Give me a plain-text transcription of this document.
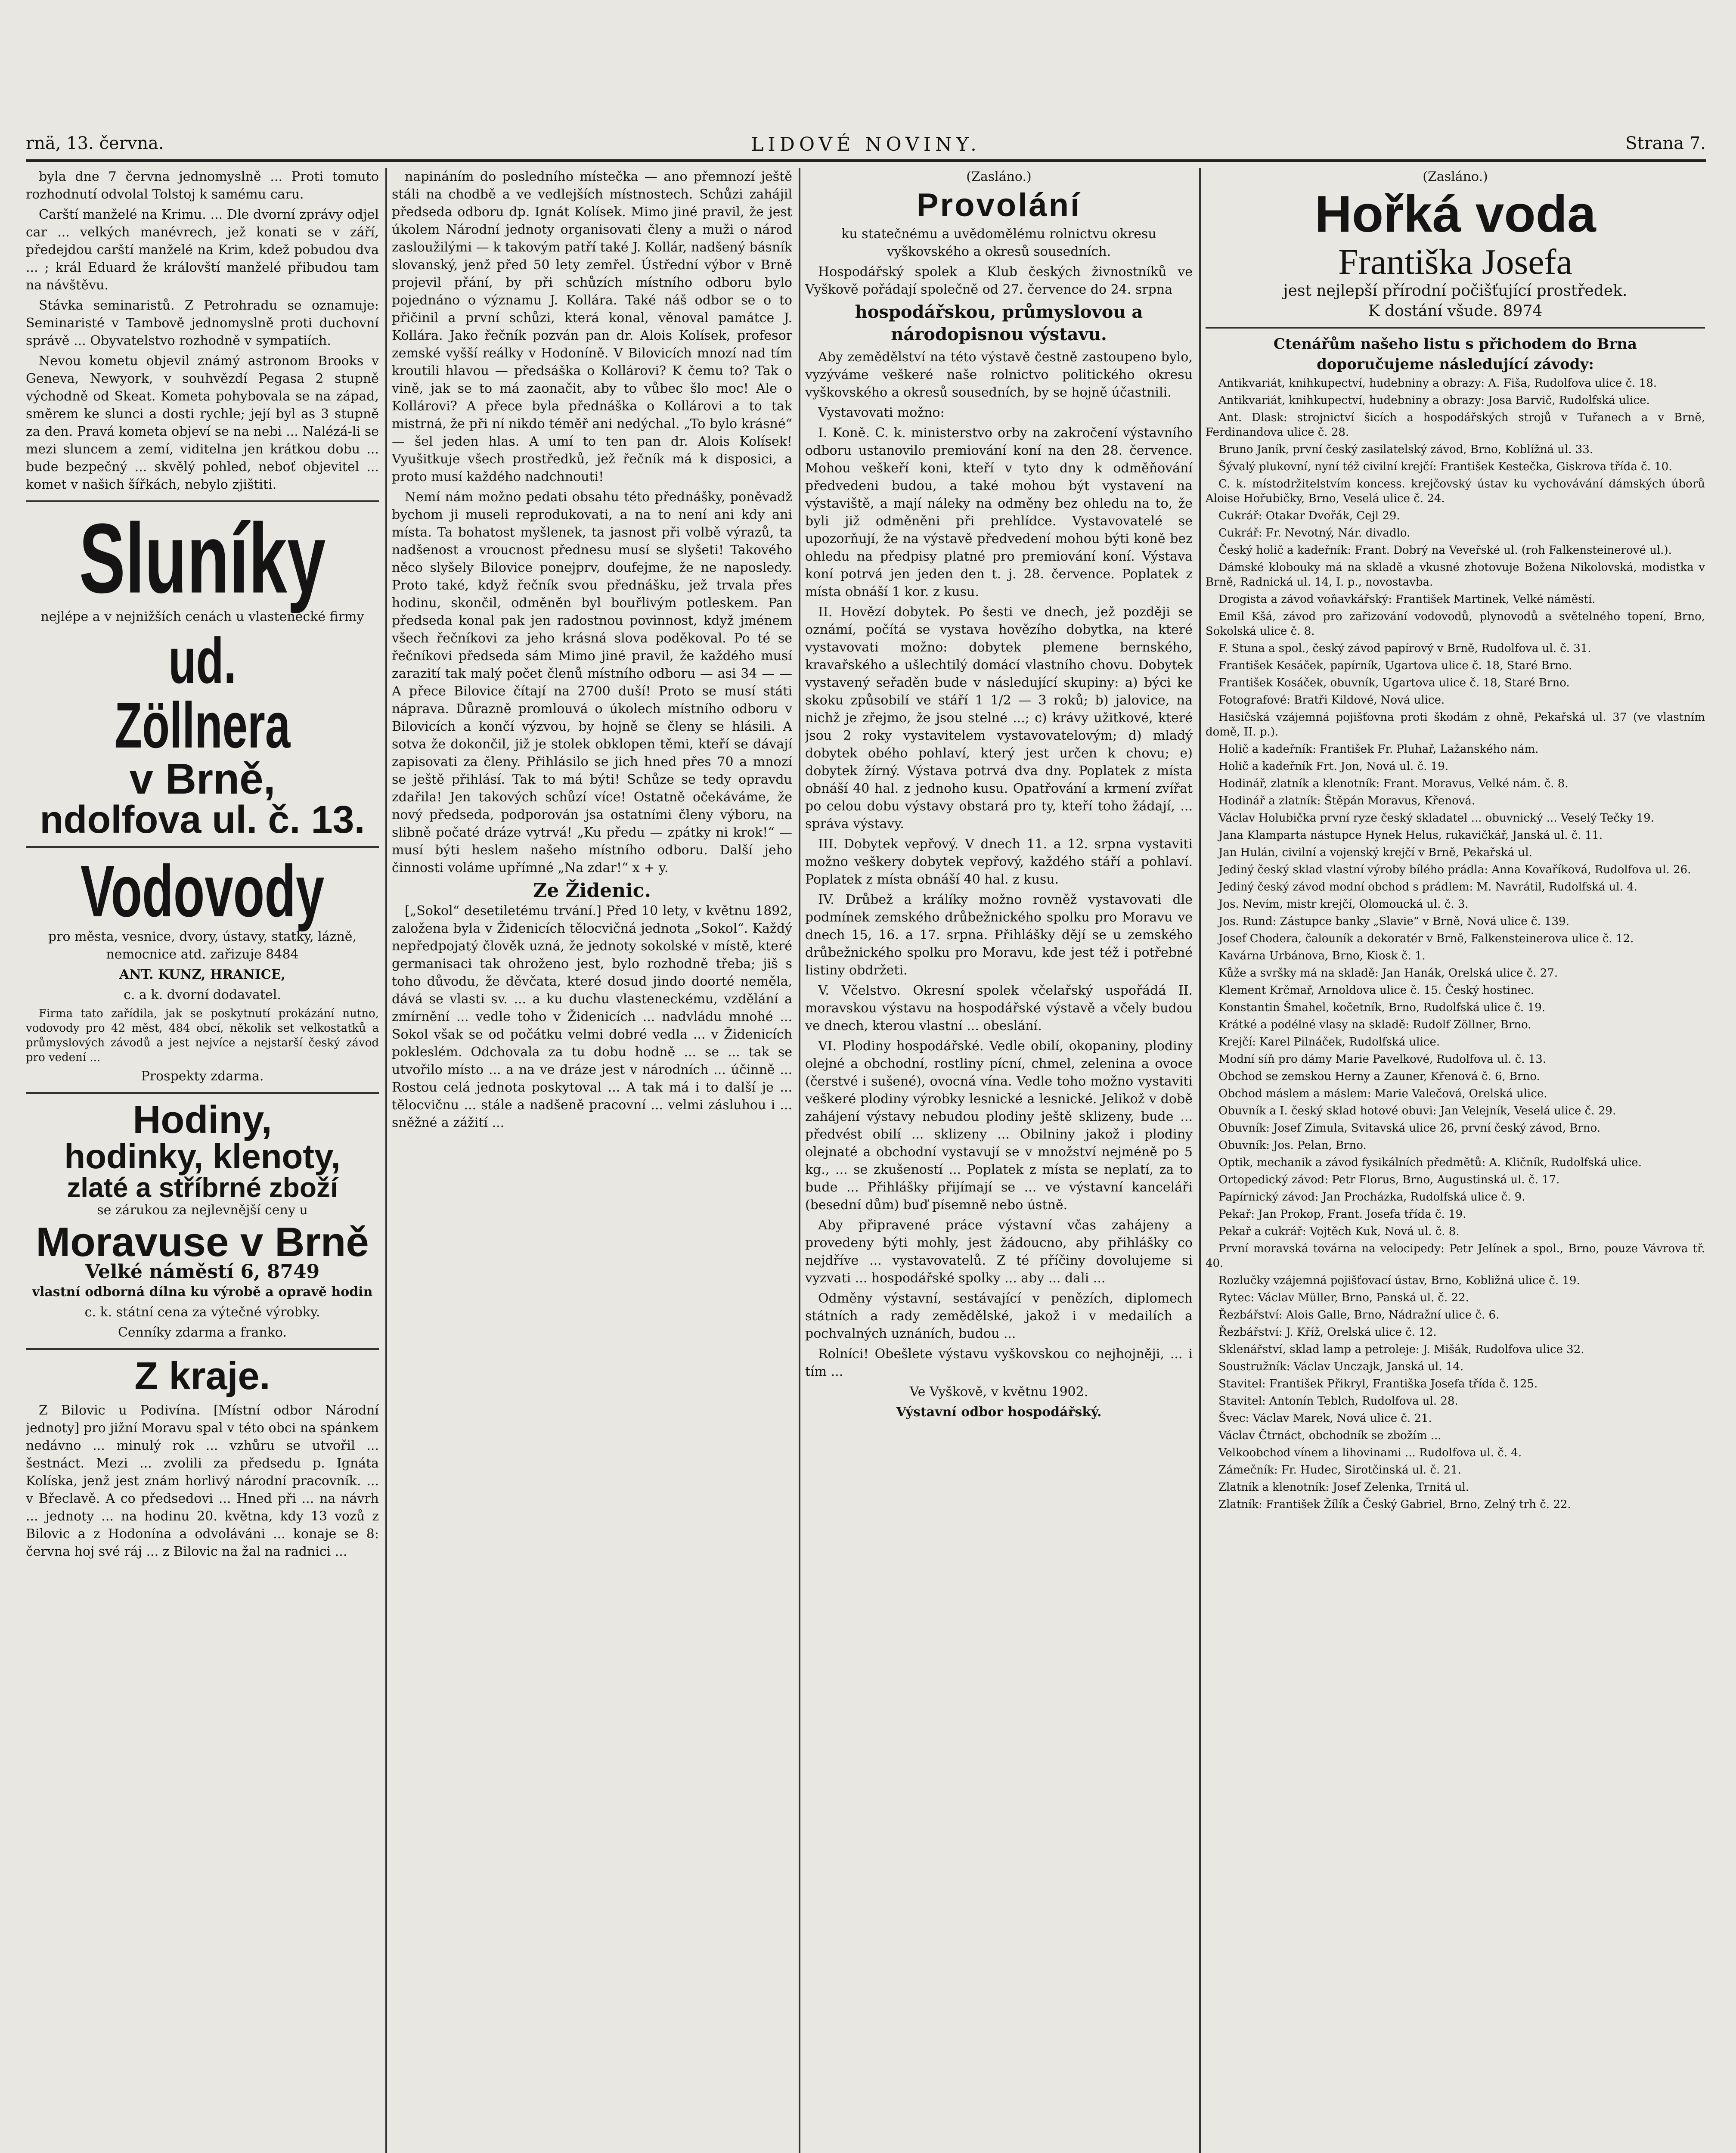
rnä, 13. června.	LIDOVÉ NOVINY.	Strana 7.

byla dne 7 června jednomyslně ... Proti tomuto rozhodnutí odvolal Tolstoj k samému caru.

Carští manželé na Krimu. ... Dle dvorní zprávy odjel car ... velkých manévrech, jež konati se v září, předejdou carští manželé na Krim, kdež pobudou dva ... ; král Eduard že královští manželé přibudou tam na návštěvu.

Stávka seminaristů. Z Petrohradu se oznamuje: Seminaristé v Tambově jednomyslně proti duchovní správě ... Obyvatelstvo rozhodně v sympatiích.

Nevou kometu objevil známý astronom Brooks v Geneva, Newyork, v souhvězdí Pegasa 2 stupně východně od Skeat. Kometa pohybovala se na západ, směrem ke slunci a dosti rychle; její byl as 3 stupně za den. Pravá kometa objeví se na nebi ... Nalézá-li se mezi sluncem a zemí, viditelna jen krátkou dobu ... bude bezpečný ... skvělý pohled, neboť objevitel ... komet v našich šířkách, nebylo zjištiti.

Sluníky

nejlépe a v nejnižších cenách u vlastenecké firmy

ud. Zöllnera
v Brně,
ndolfova ul. č. 13.
Vodovody

pro města, vesnice, dvory, ústavy, statky, lázně, nemocnice atd. zařizuje 8484

ANT. KUNZ, HRANICE,

c. a k. dvorní dodavatel.

Firma tato zařídila, jak se poskytnutí prokázání nutno, vodovody pro 42 měst, 484 obcí, několik set velkostatků a průmyslových závodů a jest nejvíce a nejstarší český závod pro vedení ...

Prospekty zdarma.

Hodiny,
hodinky, klenoty,
zlaté a stříbrné zboží

se zárukou za nejlevnější ceny u

Moravuse v Brně

Velké náměstí 6, 8749

vlastní odborná dílna ku výrobě a opravě hodin

c. k. státní cena za výtečné výrobky.

Cenníky zdarma a franko.

Z kraje.

Z Bilovic u Podivína. [Místní odbor Národní jednoty] pro jižní Moravu spal v této obci na spánkem nedávno ... minulý rok ... vzhůru se utvořil ... šestnáct. Mezi ... zvolili za předsedu p. Ignáta Kolíska, jenž jest znám horlivý národní pracovník. ... v Břeclavě. A co předsedovi ... Hned při ... na návrh ... jednoty ... na hodinu 20. května, kdy 13 vozů z Bilovic a z Hodonína a odvoláváni ... konaje se 8: června hoj své ráj ... z Bilovic na žal na radnici ...

napináním do posledního místečka — ano přemnozí ještě stáli na chodbě a ve vedlejších místnostech. Schůzi zahájil předseda odboru dp. Ignát Kolísek. Mimo jiné pravil, že jest úkolem Národní jednoty organisovati členy a muži o národ zasloužilými — k takovým patří také J. Kollár, nadšený básník slovanský, jenž před 50 lety zemřel. Ústřední výbor v Brně projevil přání, by při schůzích místního odboru bylo pojednáno o významu J. Kollára. Také náš odbor se o to přičinil a první schůzi, která konal, věnoval památce J. Kollára. Jako řečník pozván pan dr. Alois Kolísek, profesor zemské vyšší reálky v Hodoníně. V Bilovicích mnozí nad tím kroutili hlavou — předsáška o Kollárovi? K čemu to? Tak o vině, jak se to má zaonačit, aby to vůbec šlo moc! Ale o Kollárovi? A přece byla přednáška o Kollárovi a to tak mistrná, že při ní nikdo téměř ani nedýchal. „To bylo krásné“ — šel jeden hlas. A umí to ten pan dr. Alois Kolísek! Vyušitkuje všech prostředků, jež řečník má k disposici, a proto musí každého nadchnouti!

Nemí nám možno pedati obsahu této přednášky, poněvadž bychom ji museli reprodukovati, a na to není ani kdy ani místa. Ta bohatost myšlenek, ta jasnost při volbě výrazů, ta nadšenost a vroucnost přednesu musí se slyšeti! Takového něco slyšely Bilovice ponejprv, doufejme, že ne naposledy. Proto také, když řečník svou přednášku, jež trvala přes hodinu, skončil, odměněn byl bouřlivým potleskem. Pan předseda konal pak jen radostnou povinnost, když jménem všech řečníkovi za jeho krásná slova poděkoval. Po té se řečníkovi předseda sám Mimo jiné pravil, že každého musí zarazití tak malý počet členů místního odboru — asi 34 — — A přece Bilovice čítají na 2700 duší! Proto se musí státi náprava. Důrazně promlouvá o úkolech místního odboru v Bilovicích a končí výzvou, by hojně se členy se hlásili. A sotva že dokončil, již je stolek obklopen těmi, kteří se dávají zapisovati za členy. Přihlásilo se jich hned přes 70 a mnozí se ještě přihlásí. Tak to má býti! Schůze se tedy opravdu zdařila! Jen takových schůzí více! Ostatně očekáváme, že nový předseda, podporován jsa ostatními členy výboru, na slibně počaté dráze vytrvá! „Ku předu — zpátky ni krok!“ — musí býti heslem našeho místního odboru. Další jeho činnosti voláme upřímné „Na zdar!“ x + y.

Ze Židenic.

[„Sokol“ desetiletému trvání.] Před 10 lety, v květnu 1892, založena byla v Židenicích tělocvičná jednota „Sokol“. Každý nepředpojatý člověk uzná, že jednoty sokolské v místě, které germanisaci tak ohroženo jest, bylo rozhodně třeba; jiš s toho důvodu, že děvčata, které dosud jindo doorté neměla, dává se vlasti sv. ... a ku duchu vlasteneckému, vzdělání a zmírnění ... vedle toho v Židenicích ... nadvládu mnohé ... Sokol však se od počátku velmi dobré vedla ... v Židenicích pokleslém. Odchovala za tu dobu hodně ... se ... tak se utvořilo místo ... a na ve dráze jest v národních ... účinně ... Rostou celá jednota poskytoval ... A tak má i to další je ... tělocvičnu ... stále a nadšeně pracovní ... velmi zásluhou i ... sněžné a zážití ...

(Zasláno.)

Provolání

ku statečnému a uvědomělému rolnictvu okresu vyškovského a okresů sousedních.

Hospodářský spolek a Klub českých živnostníků ve Vyškově pořádají společně od 27. července do 24. srpna

hospodářskou, průmyslovou a národopisnou výstavu.

Aby zemědělství na této výstavě čestně zastoupeno bylo, vyzýváme veškeré naše rolnictvo politického okresu vyškovského a okresů sousedních, by se hojně účastnili.

Vystavovati možno:

I. Koně. C. k. ministerstvo orby na zakročení výstavního odboru ustanovilo premiování koní na den 28. července. Mohou veškeří koni, kteří v tyto dny k odměňování předvedeni budou, a také mohou být vystavení na výstaviště, a mají náleky na odměny bez ohledu na to, že byli již odměněni při prehlídce. Vystavovatelé se upozorňují, že na výstavě předvedení mohou býti koně bez ohledu na předpisy platné pro premiování koní. Výstava koní potrvá jen jeden den t. j. 28. července. Poplatek z místa obnáší 1 kor. z kusu.

II. Hovězí dobytek. Po šesti ve dnech, jež později se oznámí, počítá se vystava hovězího dobytka, na které vystavovati možno: dobytek plemene bernského, kravařského a ušlechtilý domácí vlastního chovu. Dobytek vystavený seřaděn bude v následující skupiny: a) býci ke skoku způsobilí ve stáří 1 1/2 — 3 roků; b) jalovice, na nichž je zřejmo, že jsou stelné ...; c) krávy užitkové, které jsou 2 roky vystavitelem vystavovatelovým; d) mladý dobytek obého pohlaví, který jest určen k chovu; e) dobytek žírný. Výstava potrvá dva dny. Poplatek z místa obnáší 40 hal. z jednoho kusu. Opatřování a krmení zvířat po celou dobu výstavy obstará pro ty, kteří toho žádají, ... správa výstavy.

III. Dobytek vepřový. V dnech 11. a 12. srpna vystaviti možno veškery dobytek vepřový, každého stáří a pohlaví. Poplatek z místa obnáší 40 hal. z kusu.

IV. Drůbež a králíky možno rovněž vystavovati dle podmínek zemského drůbežnického spolku pro Moravu ve dnech 15, 16. a 17. srpna. Přihlášky dějí se u zemského drůbežnického spolku pro Moravu, kde jest též i potřebné listiny obdržeti.

V. Včelstvo. Okresní spolek včelařský uspořádá II. moravskou výstavu na hospodářské výstavě a včely budou ve dnech, kterou vlastní ... obeslání.

VI. Plodiny hospodářské. Vedle obilí, okopaniny, plodiny olejné a obchodní, rostliny pícní, chmel, zelenina a ovoce (čerstvé i sušené), ovocná vína. Vedle toho možno vystaviti veškeré plodiny výrobky lesnické a lesnické. Jelikož v době zahájení výstavy nebudou plodiny ještě sklizeny, bude ... předvést obilí ... sklizeny ... Obilniny jakož i plodiny olejnaté a obchodní vystavují se v množství nejméně po 5 kg., ... se zkušeností ... Poplatek z místa se neplatí, za to bude ... Přihlášky přijímají se ... ve výstavní kanceláři (besední dům) buď písemně nebo ústně.

Aby připravené práce výstavní včas zahájeny a provedeny býti mohly, jest žádoucno, aby přihlášky co nejdříve ... vystavovatelů. Z té příčiny dovolujeme si vyzvati ... hospodářské spolky ... aby ... dali ...

Odměny výstavní, sestávající v penězích, diplomech státních a rady zemědělské, jakož i v medailích a pochvalných uznáních, budou ...

Rolníci! Obešlete výstavu vyškovskou co nejhojněji, ... i tím ...

Ve Vyškově, v květnu 1902.

Výstavní odbor hospodářský.

(Zasláno.)

Hořká voda
Františka Josefa

jest nejlepší přírodní počišťující prostředek.

K dostání všude. 8974

Ctenářům našeho listu s přichodem do Brna

doporučujeme následující závody:

Antikvariát, knihkupectví, hudebniny a obrazy: A. Fiša, Rudolfova ulice č. 18.

Antikvariát, knihkupectví, hudebniny a obrazy: Josa Barvič, Rudolfská ulice.

Ant. Dlask: strojnictví šicích a hospodářských strojů v Tuřanech a v Brně, Ferdinandova ulice č. 28.

Bruno Janík, první český zasilatelský závod, Brno, Koblížná ul. 33.

Šývalý plukovní, nyní též civilní krejčí: František Kestečka, Giskrova třída č. 10.

C. k. místodržitelstvím koncess. krejčovský ústav ku vychovávání dámských úborů Aloise Hořubičky, Brno, Veselá ulice č. 24.

Cukrář: Otakar Dvořák, Cejl 29.

Cukrář: Fr. Nevotný, Nár. divadlo.

Český holič a kadeřník: Frant. Dobrý na Veveřské ul. (roh Falkensteinerové ul.).

Dámské klobouky má na skladě a vkusné zhotovuje Božena Nikolovská, modistka v Brně, Radnická ul. 14, I. p., novostavba.

Drogista a závod voňavkářský: František Martinek, Velké náměstí.

Emil Kšá, závod pro zařizování vodovodů, plynovodů a světelného topení, Brno, Sokolská ulice č. 8.

F. Stuna a spol., český závod papírový v Brně, Rudolfova ul. č. 31.

František Kesáček, papírník, Ugartova ulice č. 18, Staré Brno.

František Kosáček, obuvník, Ugartova ulice č. 18, Staré Brno.

Fotografové: Bratři Kildové, Nová ulice.

Hasičská vzájemná pojišťovna proti škodám z ohně, Pekařská ul. 37 (ve vlastním domě, II. p.).

Holič a kadeřník: František Fr. Pluhař, Lažanského nám.

Holič a kadeřník Frt. Jon, Nová ul. č. 19.

Hodinář, zlatník a klenotník: Frant. Moravus, Velké nám. č. 8.

Hodinář a zlatník: Štěpán Moravus, Křenová.

Václav Holubička první ryze český skladatel ... obuvnický ... Veselý Tečky 19.

Jana Klamparta nástupce Hynek Helus, rukavičkář, Janská ul. č. 11.

Jan Hulán, civilní a vojenský krejčí v Brně, Pekařská ul.

Jediný český sklad vlastní výroby bílého prádla: Anna Kovaříková, Rudolfova ul. 26.

Jediný český závod modní obchod s prádlem: M. Navrátil, Rudolfská ul. 4.

Jos. Nevím, mistr krejčí, Olomoucká ul. č. 3.

Jos. Rund: Zástupce banky „Slavie“ v Brně, Nová ulice č. 139.

Josef Chodera, čalouník a dekoratér v Brně, Falkensteinerova ulice č. 12.

Kavárna Urbánova, Brno, Kiosk č. 1.

Kůže a svršky má na skladě: Jan Hanák, Orelská ulice č. 27.

Klement Krčmař, Arnoldova ulice č. 15. Český hostinec.

Konstantin Šmahel, kočetník, Brno, Rudolfská ulice č. 19.

Krátké a podélné vlasy na skladě: Rudolf Zöllner, Brno.

Krejčí: Karel Pilnáček, Rudolfská ulice.

Modní síň pro dámy Marie Pavelkové, Rudolfova ul. č. 13.

Obchod se zemskou Herny a Zauner, Křenová č. 6, Brno.

Obchod máslem a máslem: Marie Valečová, Orelská ulice.

Obuvník a I. český sklad hotové obuvi: Jan Velejník, Veselá ulice č. 29.

Obuvník: Josef Zimula, Svitavská ulice 26, první český závod, Brno.

Obuvník: Jos. Pelan, Brno.

Optik, mechanik a závod fysikálních předmětů: A. Kličník, Rudolfská ulice.

Ortopedický závod: Petr Florus, Brno, Augustinská ul. č. 17.

Papírnický závod: Jan Procházka, Rudolfská ulice č. 9.

Pekař: Jan Prokop, Frant. Josefa třída č. 19.

Pekař a cukrář: Vojtěch Kuk, Nová ul. č. 8.

První moravská továrna na velocipedy: Petr Jelínek a spol., Brno, pouze Vávrova tř. 40.

Rozlučky vzájemná pojišťovací ústav, Brno, Kobližná ulice č. 19.

Rytec: Václav Müller, Brno, Panská ul. č. 22.

Řezbářství: Alois Galle, Brno, Nádražní ulice č. 6.

Řezbářství: J. Kříž, Orelská ulice č. 12.

Sklenářství, sklad lamp a petroleje: J. Mišák, Rudolfova ulice 32.

Soustružník: Václav Unczajk, Janská ul. 14.

Stavitel: František Přikryl, Františka Josefa třída č. 125.

Stavitel: Antonín Teblch, Rudolfova ul. 28.

Švec: Václav Marek, Nová ulice č. 21.

Václav Čtrnáct, obchodník se zbožím ...

Velkoobchod vínem a lihovinami ... Rudolfova ul. č. 4.

Zámečník: Fr. Hudec, Sirotčinská ul. č. 21.

Zlatník a klenotník: Josef Zelenka, Trnitá ul.

Zlatník: František Žílík a Český Gabriel, Brno, Zelný trh č. 22.
